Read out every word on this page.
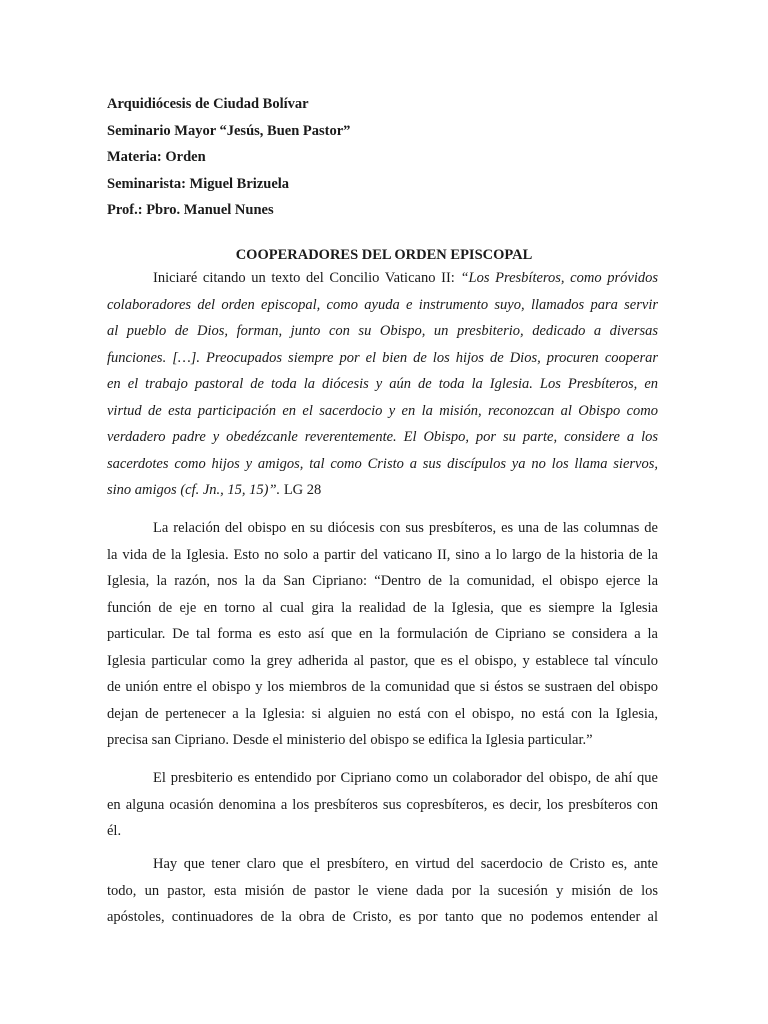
Arquidiócesis de Ciudad Bolívar
Seminario Mayor “Jesús, Buen Pastor”
Materia: Orden
Seminarista: Miguel Brizuela
Prof.: Pbro. Manuel Nunes
COOPERADORES DEL ORDEN EPISCOPAL
Iniciaré citando un texto del Concilio Vaticano II: “Los Presbíteros, como próvidos
colaboradores del orden episcopal, como ayuda e instrumento suyo, llamados para servir
al pueblo de Dios, forman, junto con su Obispo, un presbiterio, dedicado a diversas
funciones. […]. Preocupados siempre por el bien de los hijos de Dios, procuren cooperar
en el trabajo pastoral de toda la diócesis y aún de toda la Iglesia. Los Presbíteros, en
virtud de esta participación en el sacerdocio y en la misión, reconozcan al Obispo como
verdadero padre y obedézcanle reverentemente. El Obispo, por su parte, considere a los
sacerdotes como hijos y amigos, tal como Cristo a sus discípulos ya no los llama siervos,
sino amigos (cf. Jn., 15, 15)”. LG 28
La relación del obispo en su diócesis con sus presbíteros, es una de las columnas de
la vida de la Iglesia. Esto no solo a partir del vaticano II, sino a lo largo de la historia de la
Iglesia, la razón, nos la da San Cipriano: “Dentro de la comunidad, el obispo ejerce la
función de eje en torno al cual gira la realidad de la Iglesia, que es siempre la Iglesia
particular. De tal forma es esto así que en la formulación de Cipriano se considera a la
Iglesia particular como la grey adherida al pastor, que es el obispo, y establece tal vínculo
de unión entre el obispo y los miembros de la comunidad que si éstos se sustraen del obispo
dejan de pertenecer a la Iglesia: si alguien no está con el obispo, no está con la Iglesia,
precisa san Cipriano. Desde el ministerio del obispo se edifica la Iglesia particular.”
El presbiterio es entendido por Cipriano como un colaborador del obispo, de ahí que
en alguna ocasión denomina a los presbíteros sus copresbíteros, es decir, los presbíteros con
él.
Hay que tener claro que el presbítero, en virtud del sacerdocio de Cristo es, ante
todo, un pastor, esta misión de pastor le viene dada por la sucesión y misión de los
apóstoles, continuadores de la obra de Cristo, es por tanto que no podemos entender al
